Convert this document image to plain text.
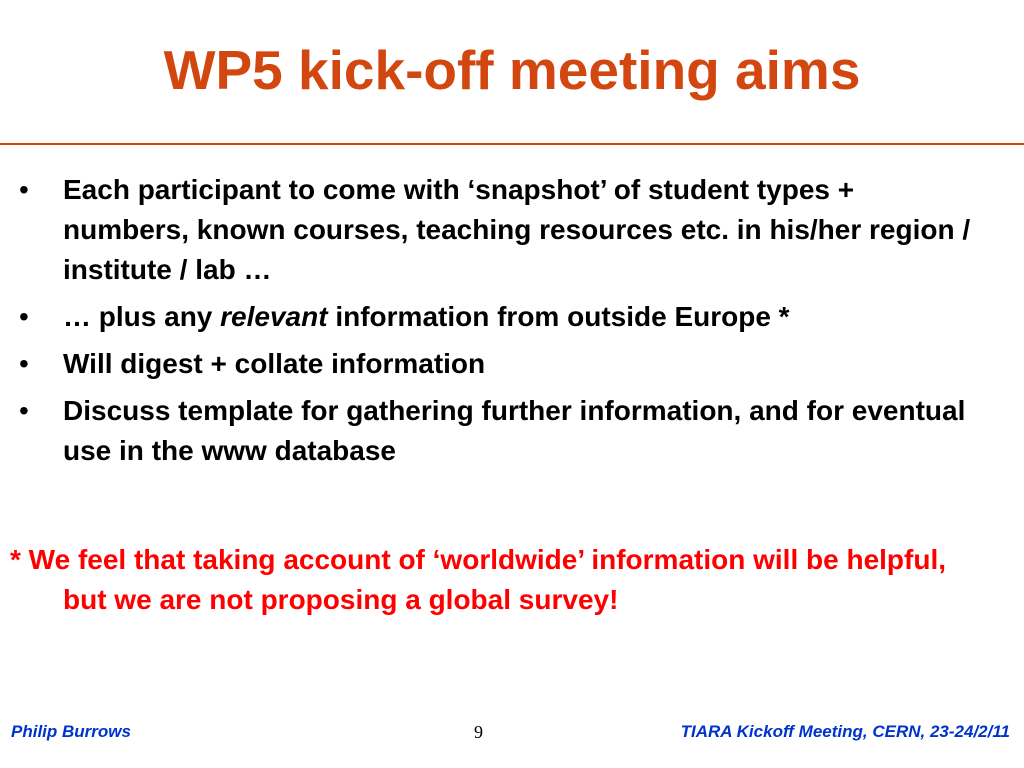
WP5 kick-off meeting aims
• Each participant to come with ‘snapshot’ of student types + numbers, known courses, teaching resources etc. in his/her region / institute / lab …
• … plus any relevant information from outside Europe *
• Will digest + collate information
• Discuss template for gathering further information, and for eventual use in the www database
* We feel that taking account of ‘worldwide’ information will be helpful, but we are not proposing a global survey!
Philip Burrows	9	TIARA Kickoff Meeting, CERN, 23-24/2/11
